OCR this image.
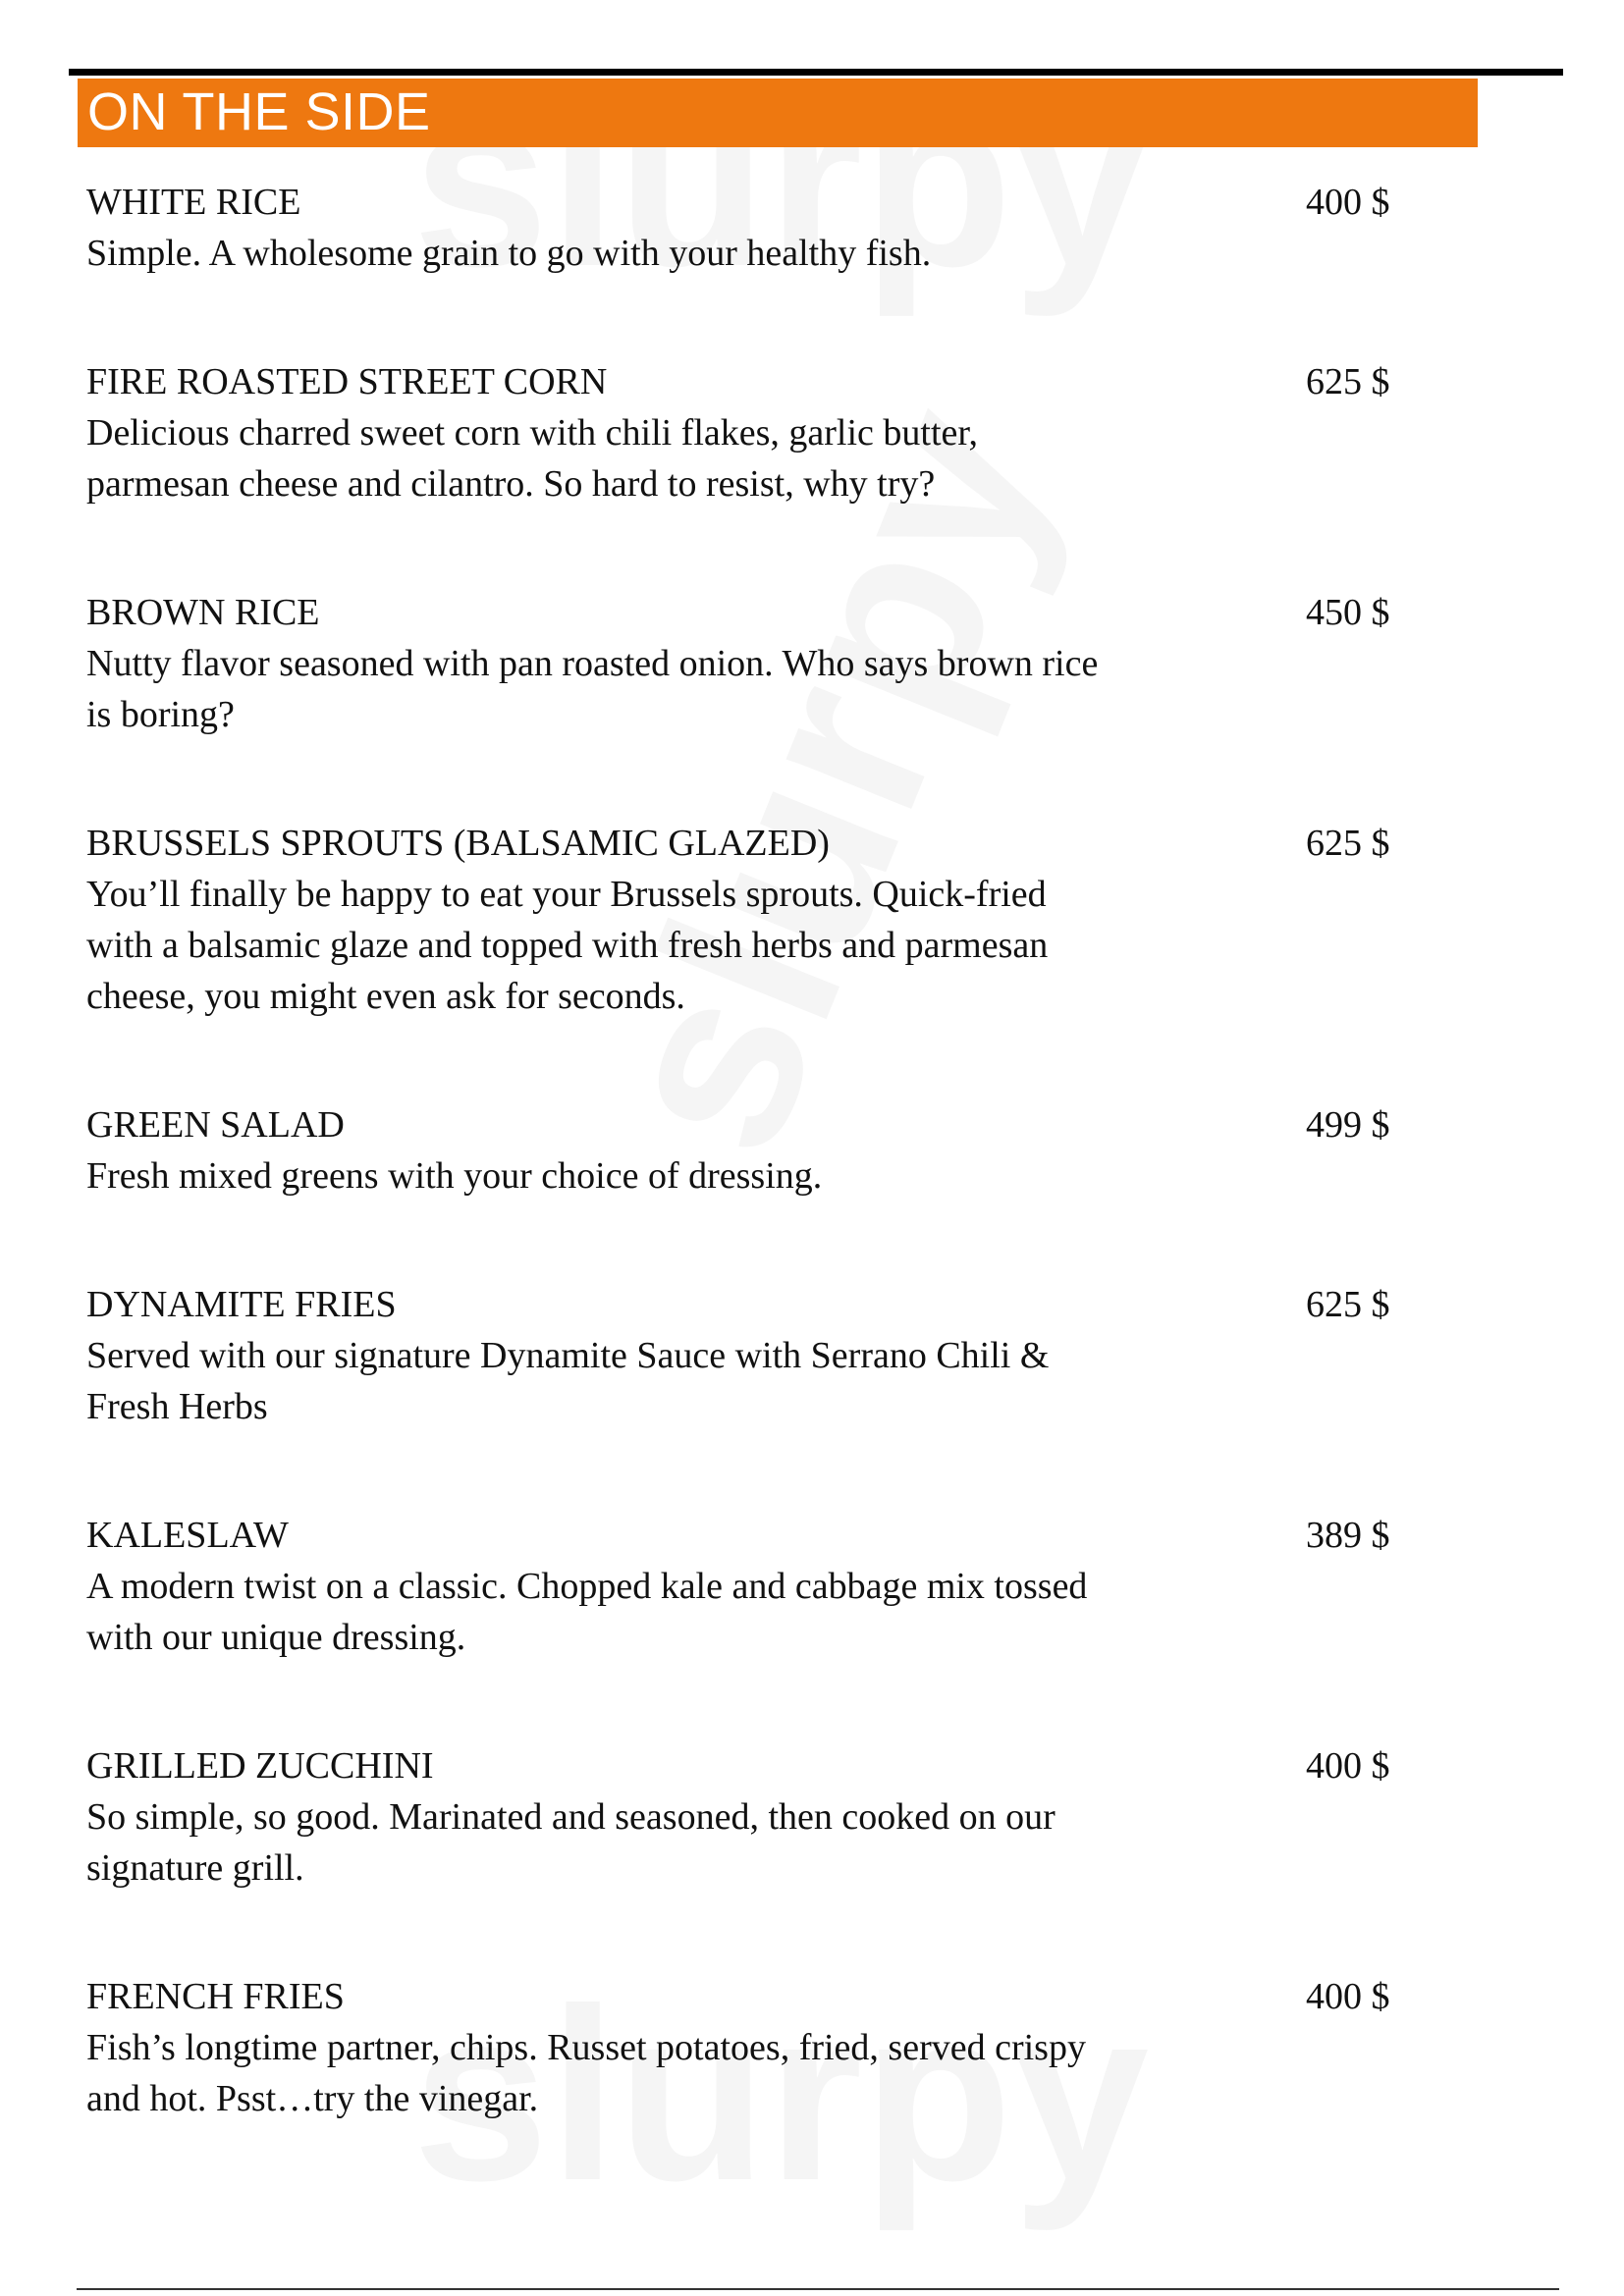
ON THE SIDE
WHITE RICE	400 $
Simple. A wholesome grain to go with your healthy fish.
FIRE ROASTED STREET CORN	625 $
Delicious charred sweet corn with chili flakes, garlic butter,
parmesan cheese and cilantro. So hard to resist, why try?
BROWN RICE	450 $
Nutty flavor seasoned with pan roasted onion. Who says brown rice
is boring?
BRUSSELS SPROUTS (BALSAMIC GLAZED)	625 $
You’ll finally be happy to eat your Brussels sprouts. Quick-fried
with a balsamic glaze and topped with fresh herbs and parmesan
cheese, you might even ask for seconds.
GREEN SALAD	499 $
Fresh mixed greens with your choice of dressing.
DYNAMITE FRIES	625 $
Served with our signature Dynamite Sauce with Serrano Chili &
Fresh Herbs
KALESLAW	389 $
A modern twist on a classic. Chopped kale and cabbage mix tossed
with our unique dressing.
GRILLED ZUCCHINI	400 $
So simple, so good. Marinated and seasoned, then cooked on our
signature grill.
FRENCH FRIES	400 $
Fish’s longtime partner, chips. Russet potatoes, fried, served crispy
and hot. Psst…try the vinegar.
